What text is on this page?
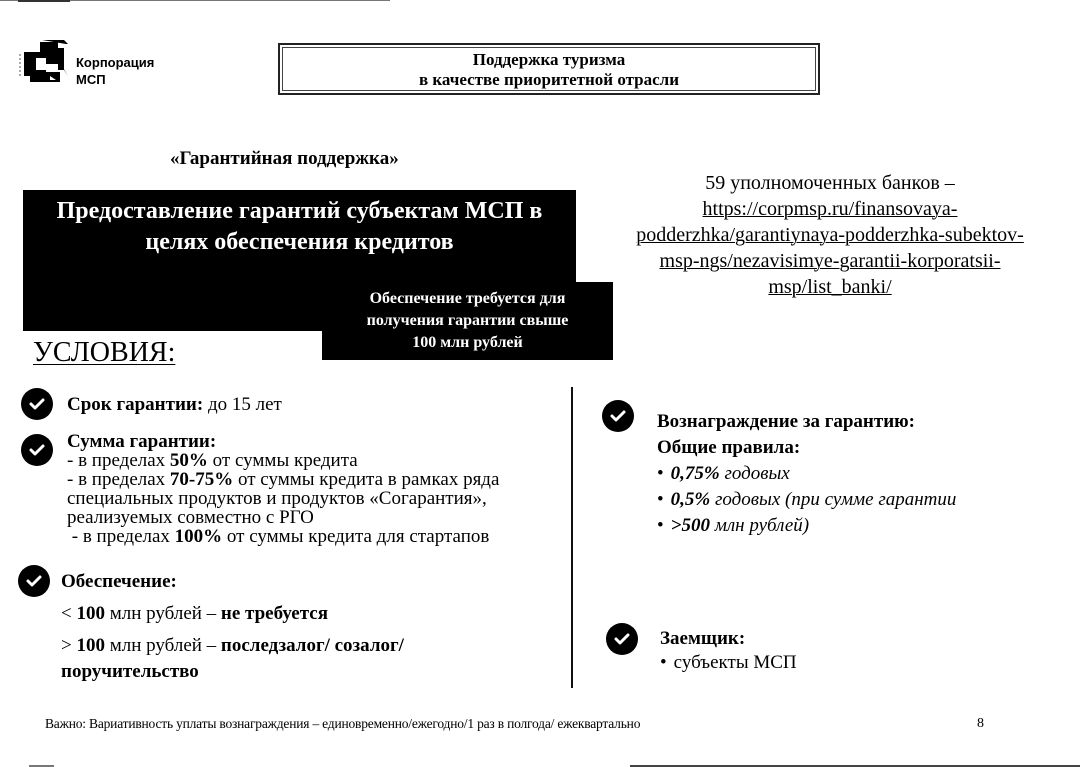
Корпорация
МСП
Поддержка туризма
в качестве приоритетной отрасли
«Гарантийная поддержка»
Предоставление гарантий субъектам МСП в
целях обеспечения кредитов
Обеспечение требуется для
получения гарантии свыше
100 млн рублей
УСЛОВИЯ:
59 уполномоченных банков –
https://corpmsp.ru/finansovaya-
podderzhka/garantiynaya-podderzhka-subektov-
msp-ngs/nezavisimye-garantii-korporatsii-
msp/list_banki/
Срок гарантии: до 15 лет
Сумма гарантии:
- в пределах 50% от суммы кредита
- в пределах 70-75% от суммы кредита в рамках ряда
специальных продуктов и продуктов «Согарантия»,
реализуемых совместно с РГО
- в пределах 100% от суммы кредита для стартапов
Обеспечение:
< 100 млн рублей – не требуется
> 100 млн рублей – последзалог/ созалог/
поручительство
Вознаграждение за гарантию:
Общие правила:
• 0,75% годовых
• 0,5% годовых (при сумме гарантии
• >500 млн рублей)
Заемщик:
• субъекты МСП
Важно: Вариативность уплаты вознаграждения – единовременно/ежегодно/1 раз в полгода/ ежеквартально	8
